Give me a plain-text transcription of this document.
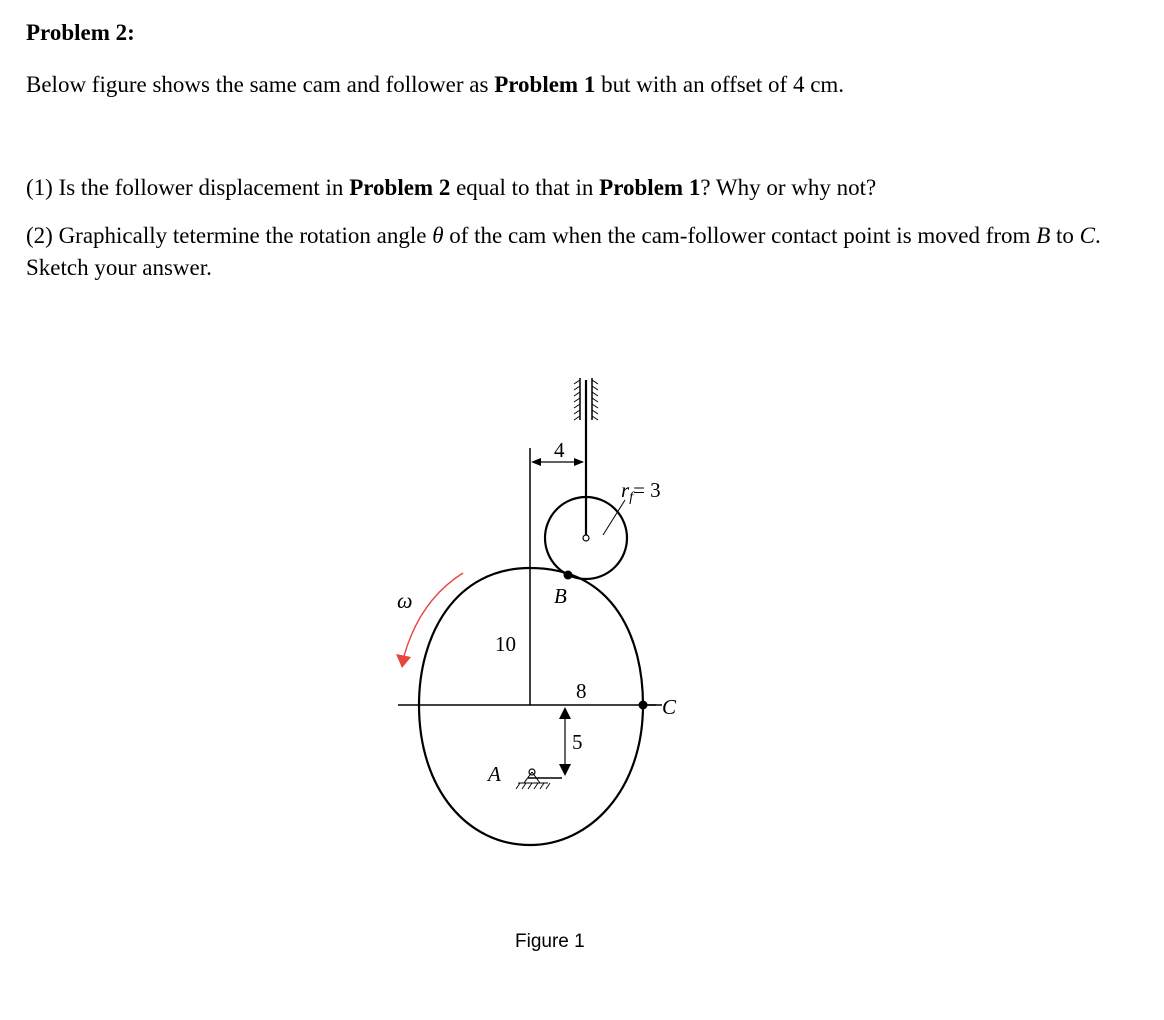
Problem 2:

Below figure shows the same cam and follower as Problem 1 but with an offset of 4 cm.

(1) Is the follower displacement in Problem 2 equal to that in Problem 1? Why or why not?

(2) Graphically tetermine the rotation angle θ of the cam when the cam-follower contact point is moved from B to C. Sketch your answer.

ω
4
rf= 3
B
C
A
10
8
5
Figure 1
